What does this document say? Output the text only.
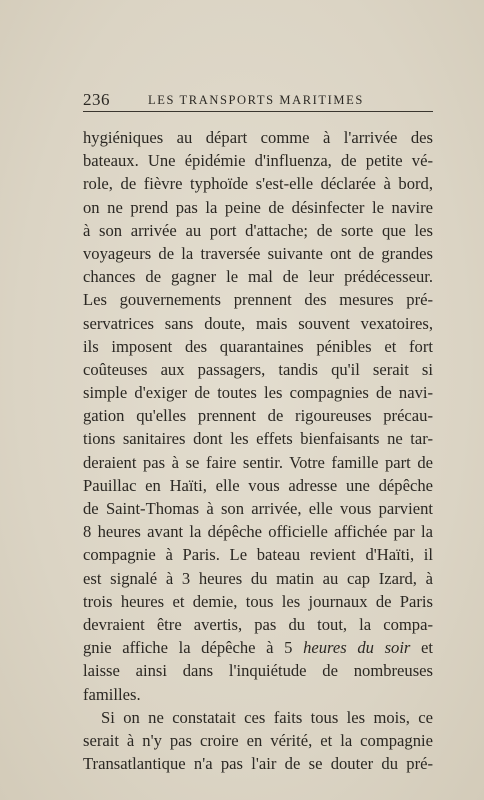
236	LES TRANSPORTS MARITIMES
hygiéniques au départ comme à l'arrivée des
bateaux. Une épidémie d'influenza, de petite vé-
role, de fièvre typhoïde s'est-elle déclarée à bord,
on ne prend pas la peine de désinfecter le navire
à son arrivée au port d'attache; de sorte que les
voyageurs de la traversée suivante ont de grandes
chances de gagner le mal de leur prédécesseur.
Les gouvernements prennent des mesures pré-
servatrices sans doute, mais souvent vexatoires,
ils imposent des quarantaines pénibles et fort
coûteuses aux passagers, tandis qu'il serait si
simple d'exiger de toutes les compagnies de navi-
gation qu'elles prennent de rigoureuses précau-
tions sanitaires dont les effets bienfaisants ne tar-
deraient pas à se faire sentir. Votre famille part de
Pauillac en Haïti, elle vous adresse une dépêche
de Saint-Thomas à son arrivée, elle vous parvient
8 heures avant la dépêche officielle affichée par la
compagnie à Paris. Le bateau revient d'Haïti, il
est signalé à 3 heures du matin au cap Izard, à
trois heures et demie, tous les journaux de Paris
devraient être avertis, pas du tout, la compa-
gnie affiche la dépêche à 5 heures du soir et
laisse ainsi dans l'inquiétude de nombreuses
familles.
Si on ne constatait ces faits tous les mois, ce
serait à n'y pas croire en vérité, et la compagnie
Transatlantique n'a pas l'air de se douter du pré-
